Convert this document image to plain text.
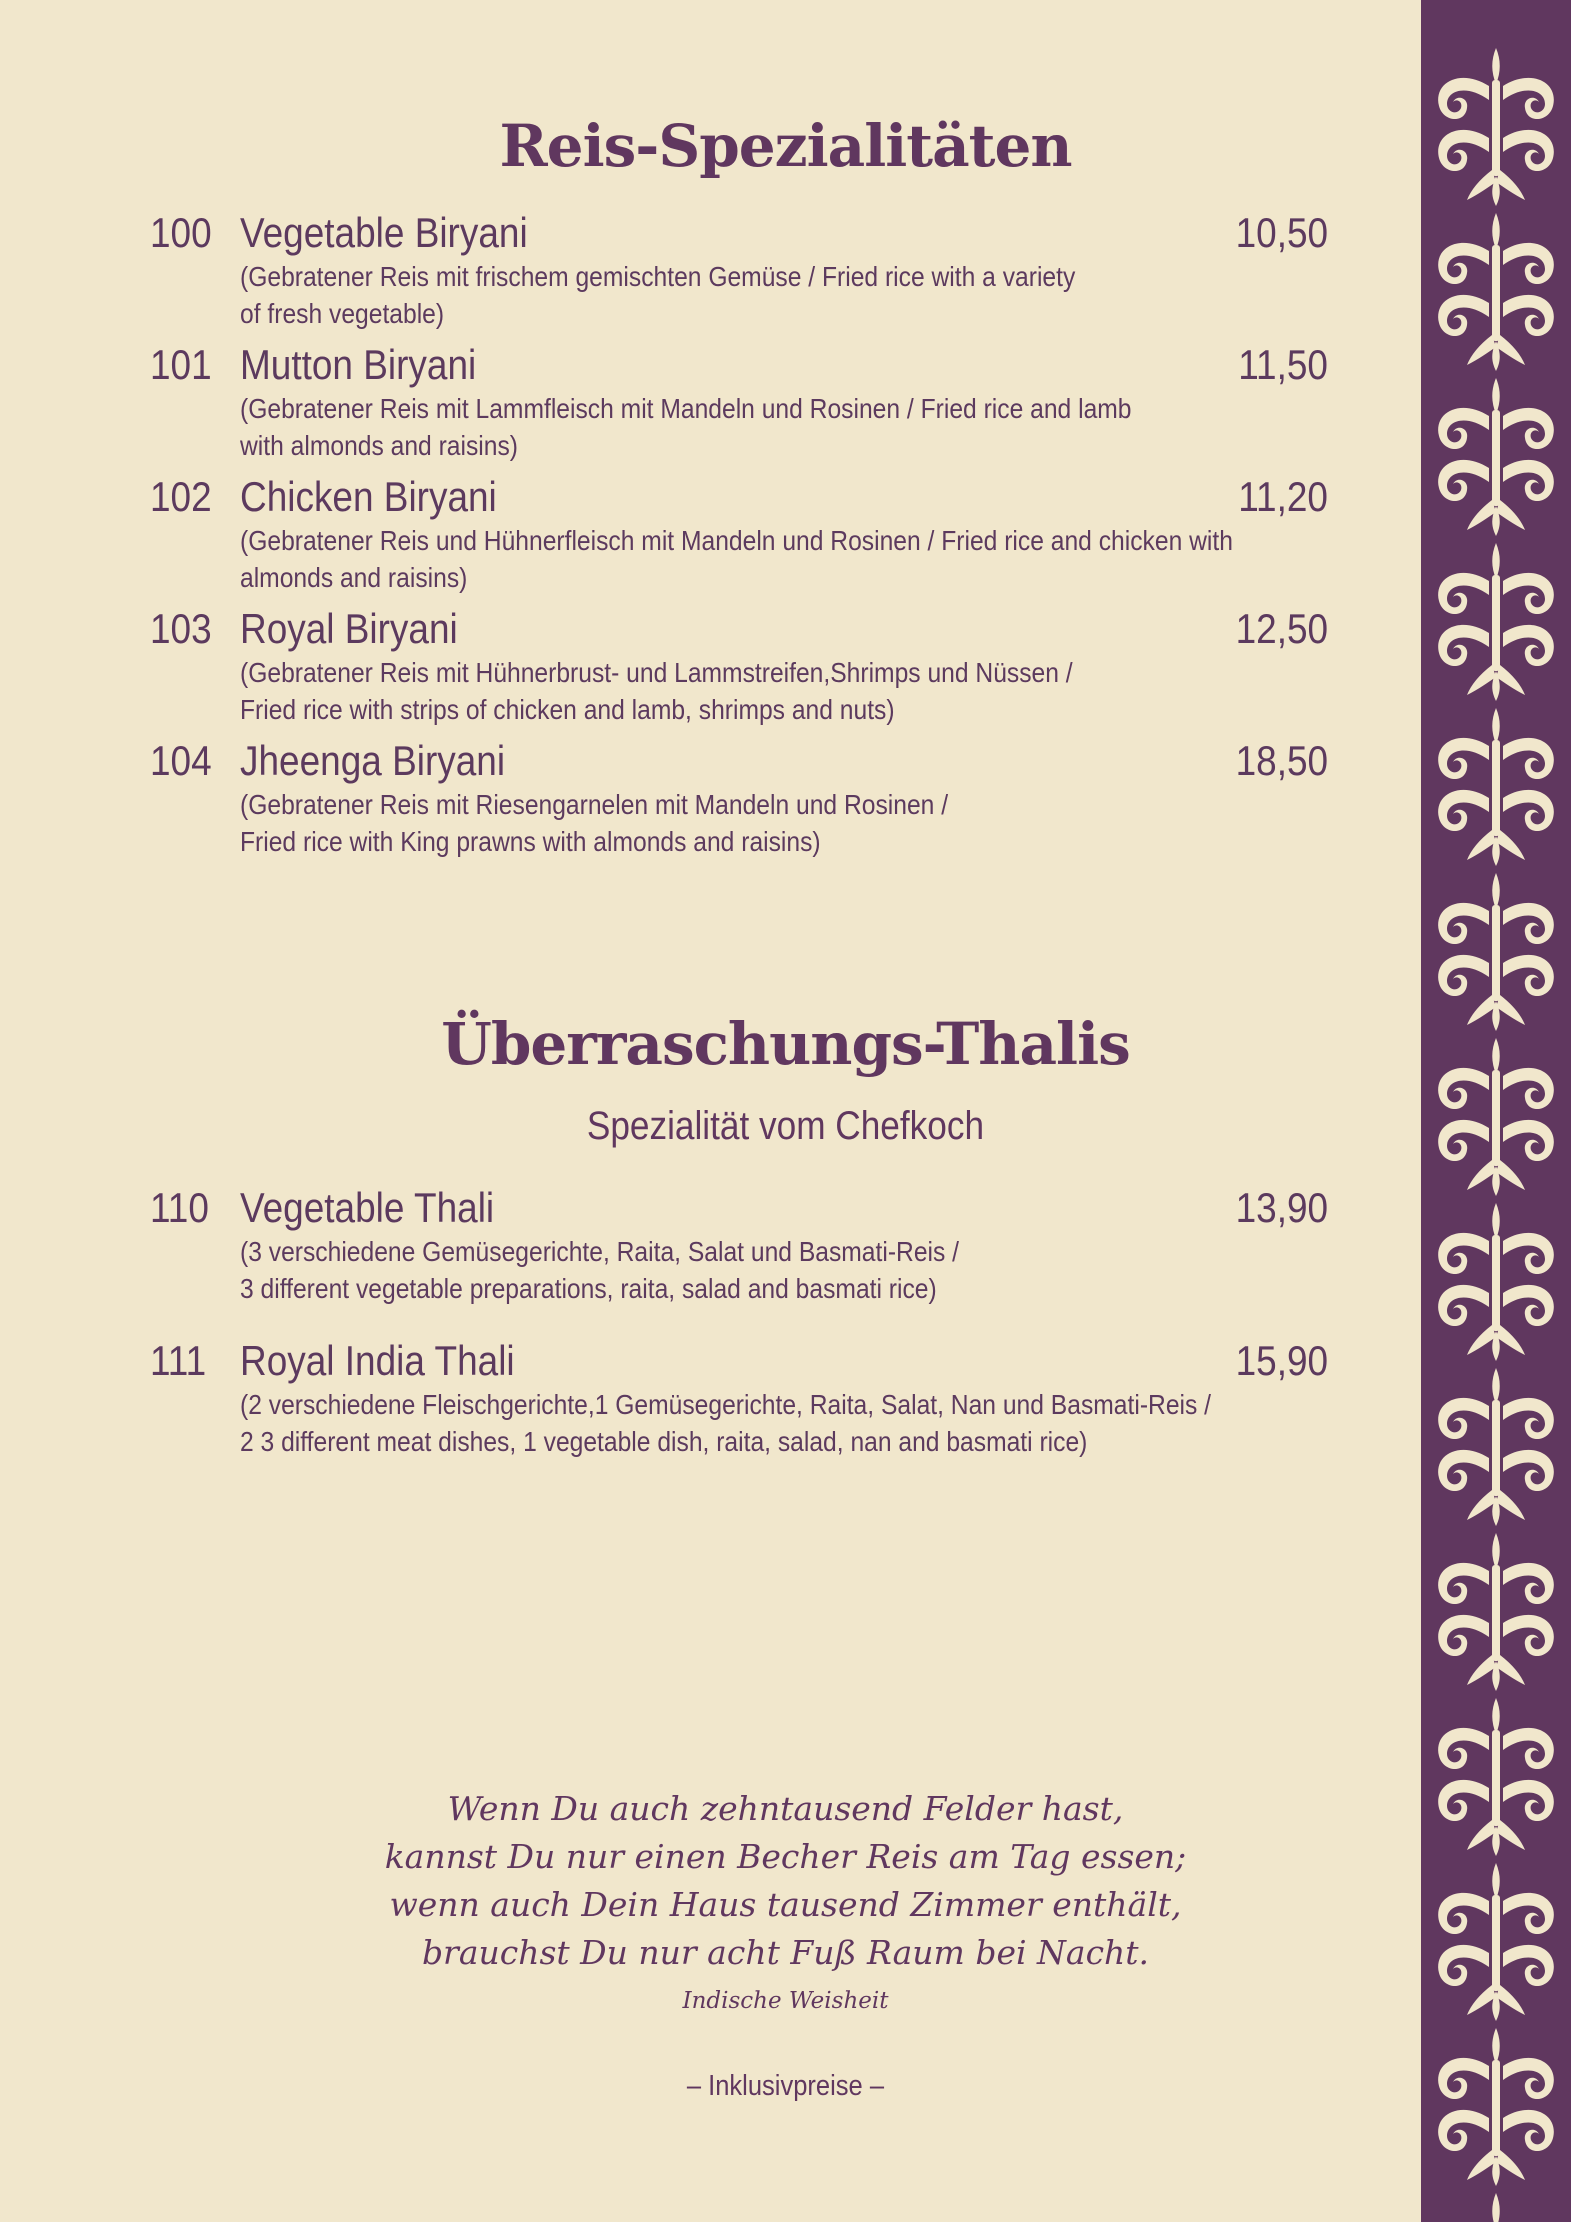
Reis-Spezialitäten
100 Vegetable Biryani	10,50
(Gebratener Reis mit frischem gemischten Gemüse / Fried rice with a variety
of fresh vegetable)
101 Mutton Biryani	11,50
(Gebratener Reis mit Lammfleisch mit Mandeln und Rosinen / Fried rice and lamb
with almonds and raisins)
102 Chicken Biryani	11,20
(Gebratener Reis und Hühnerfleisch mit Mandeln und Rosinen / Fried rice and chicken with
almonds and raisins)
103 Royal Biryani	12,50
(Gebratener Reis mit Hühnerbrust- und Lammstreifen,Shrimps und Nüssen /
Fried rice with strips of chicken and lamb, shrimps and nuts)
104 Jheenga Biryani	18,50
(Gebratener Reis mit Riesengarnelen mit Mandeln und Rosinen /
Fried rice with King prawns with almonds and raisins)
Überraschungs-Thalis
Spezialität vom Chefkoch
110 Vegetable Thali	13,90
(3 verschiedene Gemüsegerichte, Raita, Salat und Basmati-Reis /
3 different vegetable preparations, raita, salad and basmati rice)
111 Royal India Thali	15,90
(2 verschiedene Fleischgerichte,1 Gemüsegerichte, Raita, Salat, Nan und Basmati-Reis /
2 3 different meat dishes, 1 vegetable dish, raita, salad, nan and basmati rice)
Wenn Du auch zehntausend Felder hast,
kannst Du nur einen Becher Reis am Tag essen;
wenn auch Dein Haus tausend Zimmer enthält,
brauchst Du nur acht Fuß Raum bei Nacht.
Indische Weisheit
– Inklusivpreise –
